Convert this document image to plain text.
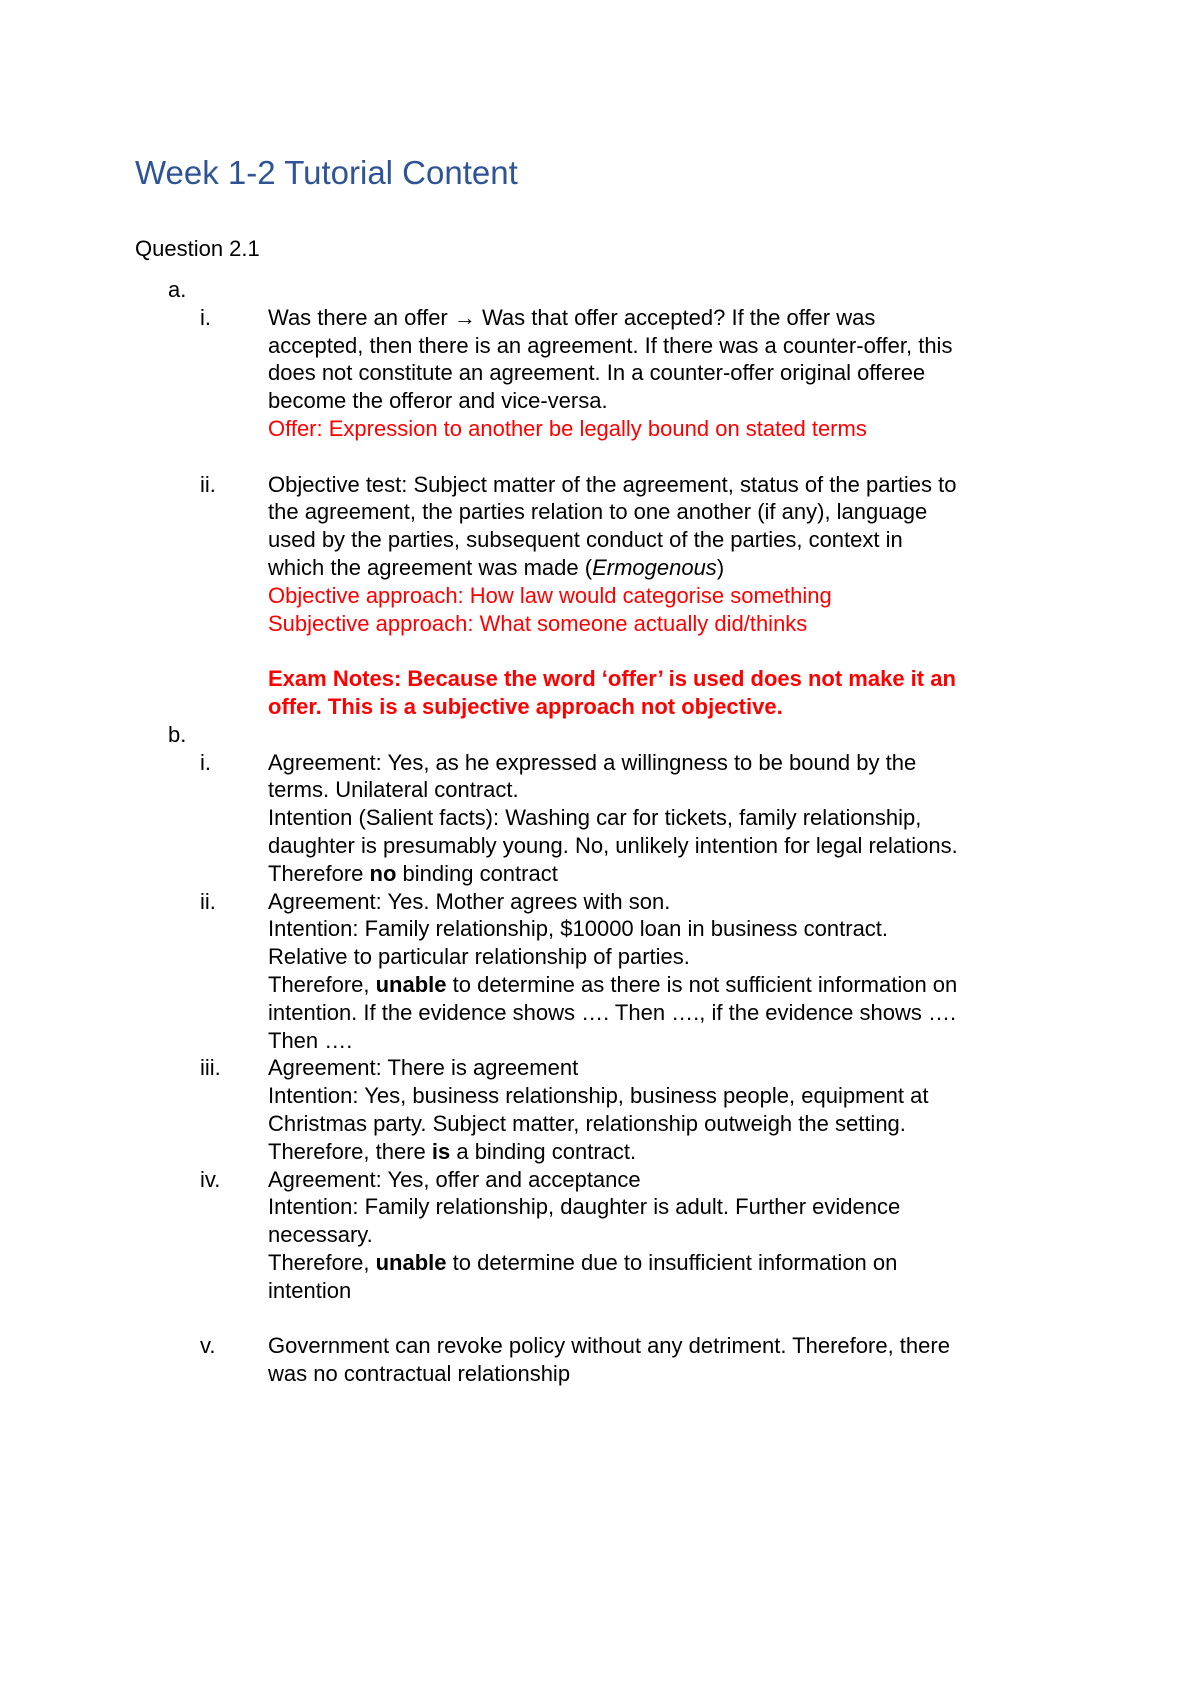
Week 1-2 Tutorial Content
Question 2.1
a.
i.	Was there an offer → Was that offer accepted? If the offer was
accepted, then there is an agreement. If there was a counter-offer, this
does not constitute an agreement. In a counter-offer original offeree
become the offeror and vice-versa.
Offer: Expression to another be legally bound on stated terms
ii. Objective test: Subject matter of the agreement, status of the parties to
the agreement, the parties relation to one another (if any), language
used by the parties, subsequent conduct of the parties, context in
which the agreement was made (Ermogenous)
Objective approach: How law would categorise something
Subjective approach: What someone actually did/thinks
Exam Notes: Because the word ‘offer’ is used does not make it an
offer. This is a subjective approach not objective.
b.
i.	Agreement: Yes, as he expressed a willingness to be bound by the
terms. Unilateral contract.
Intention (Salient facts): Washing car for tickets, family relationship,
daughter is presumably young. No, unlikely intention for legal relations.
Therefore no binding contract
ii. Agreement: Yes. Mother agrees with son.
Intention: Family relationship, $10000 loan in business contract.
Relative to particular relationship of parties.
Therefore, unable to determine as there is not sufficient information on
intention. If the evidence shows …. Then …., if the evidence shows ….
Then ….
iii. Agreement: There is agreement
Intention: Yes, business relationship, business people, equipment at
Christmas party. Subject matter, relationship outweigh the setting.
Therefore, there is a binding contract.
iv. Agreement: Yes, offer and acceptance
Intention: Family relationship, daughter is adult. Further evidence
necessary.
Therefore, unable to determine due to insufficient information on
intention
v. Government can revoke policy without any detriment. Therefore, there
was no contractual relationship
